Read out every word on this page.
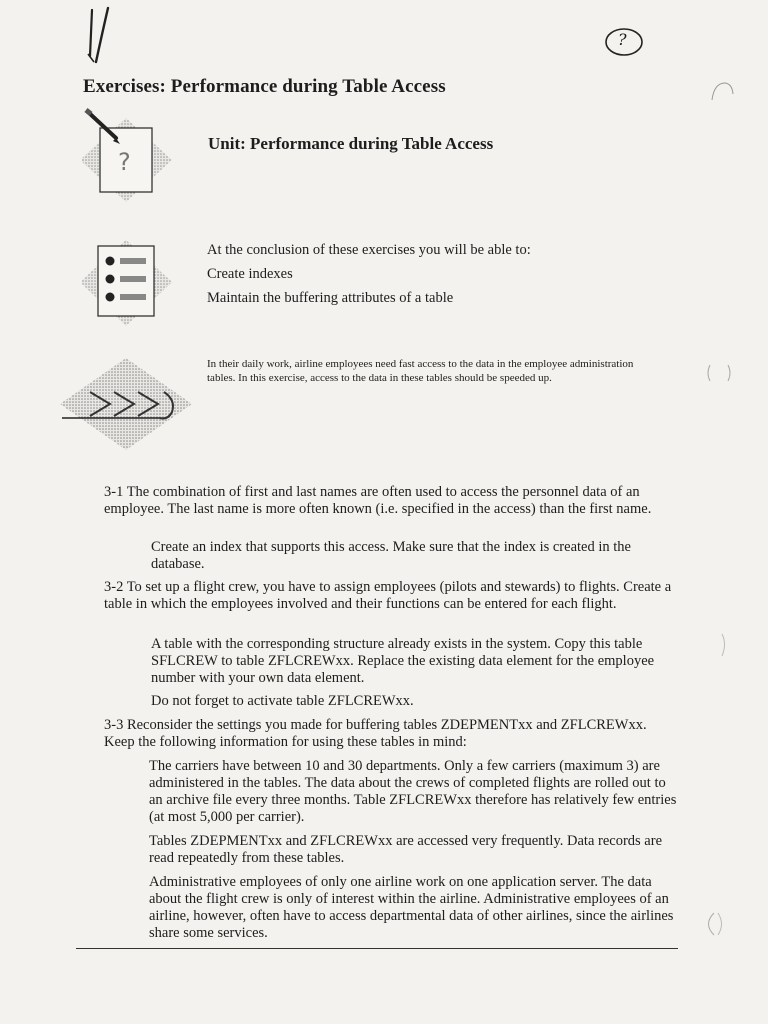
?
Exercises: Performance during Table Access
?
Unit: Performance during Table Access
At the conclusion of these exercises you will be able to:
Create indexes
Maintain the buffering attributes of a table
In their daily work, airline employees need fast access to the data in the employee administration tables. In this exercise, access to the data in these tables should be speeded up.

3-1 The combination of first and last names are often used to access the personnel data of an employee. The last name is more often known (i.e. specified in the access) than the first name.

Create an index that supports this access. Make sure that the index is created in the database.

3-2 To set up a flight crew, you have to assign employees (pilots and stewards) to flights. Create a table in which the employees involved and their functions can be entered for each flight.

A table with the corresponding structure already exists in the system. Copy this table SFLCREW to table ZFLCREWxx. Replace the existing data element for the employee number with your own data element.

Do not forget to activate table ZFLCREWxx.

3-3 Reconsider the settings you made for buffering tables ZDEPMENTxx and ZFLCREWxx. Keep the following information for using these tables in mind:

The carriers have between 10 and 30 departments. Only a few carriers (maximum 3) are administered in the tables. The data about the crews of completed flights are rolled out to an archive file every three months. Table ZFLCREWxx therefore has relatively few entries (at most 5,000 per carrier).

Tables ZDEPMENTxx and ZFLCREWxx are accessed very frequently. Data records are read repeatedly from these tables.

Administrative employees of only one airline work on one application server. The data about the flight crew is only of interest within the airline. Administrative employees of an airline, however, often have to access departmental data of other airlines, since the airlines share some services.
